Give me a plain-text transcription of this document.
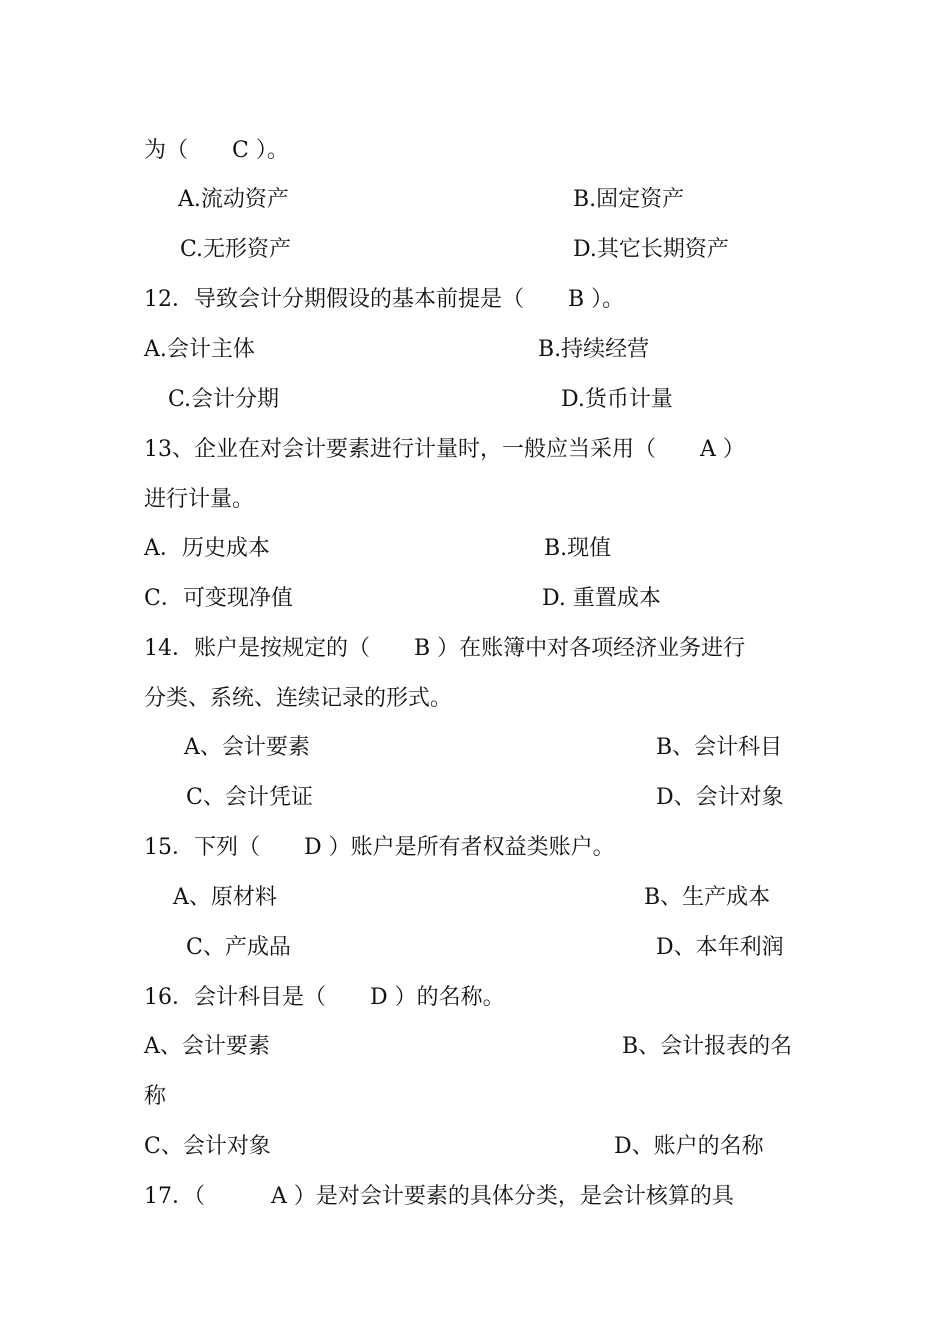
为（　　C ）。
A.流动资产	B.固定资产
C.无形资产	D.其它长期资产
12．导致会计分期假设的基本前提是（　　B ）。
A.会计主体	B.持续经营
C.会计分期	D.货币计量
13、企业在对会计要素进行计量时，一般应当采用（　　A ）
进行计量。
A．历史成本	B.现值
C．可变现净值	D. 重置成本
14．账户是按规定的（　　B ）在账簿中对各项经济业务进行
分类、系统、连续记录的形式。
A、会计要素	B、会计科目
C、会计凭证	D、会计对象
15．下列（　　D ）账户是所有者权益类账户。
A、原材料	B、生产成本
C、产成品	D、本年利润
16．会计科目是（　　D ）的名称。
A、会计要素	B、会计报表的名
称
C、会计对象	D、账户的名称
17．（　　　A ）是对会计要素的具体分类，是会计核算的具
